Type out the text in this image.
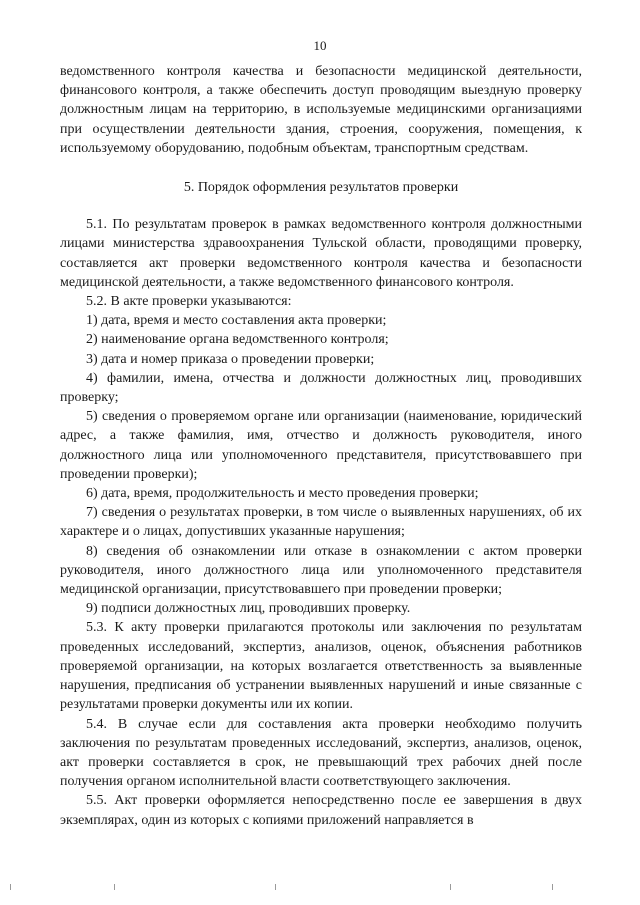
10

ведомственного контроля качества и безопасности медицинской деятельности, финансового контроля, а также обеспечить доступ проводящим выездную проверку должностным лицам на территорию, в используемые медицинскими организациями при осуществлении деятельности здания, строения, сооружения, помещения, к используемому оборудованию, подобным объектам, транспортным средствам.

5. Порядок оформления результатов проверки

5.1. По результатам проверок в рамках ведомственного контроля должностными лицами министерства здравоохранения Тульской области, проводящими проверку, составляется акт проверки ведомственного контроля качества и безопасности медицинской деятельности, а также ведомственного финансового контроля.

5.2. В акте проверки указываются:

1) дата, время и место составления акта проверки;

2) наименование органа ведомственного контроля;

3) дата и номер приказа о проведении проверки;

4) фамилии, имена, отчества и должности должностных лиц, проводивших проверку;

5) сведения о проверяемом органе или организации (наименование, юридический адрес, а также фамилия, имя, отчество и должность руководителя, иного должностного лица или уполномоченного представителя, присутствовавшего при проведении проверки);

6) дата, время, продолжительность и место проведения проверки;

7) сведения о результатах проверки, в том числе о выявленных нарушениях, об их характере и о лицах, допустивших указанные нарушения;

8) сведения об ознакомлении или отказе в ознакомлении с актом проверки руководителя, иного должностного лица или уполномоченного представителя медицинской организации, присутствовавшего при проведении проверки;

9) подписи должностных лиц, проводивших проверку.

5.3. К акту проверки прилагаются протоколы или заключения по результатам проведенных исследований, экспертиз, анализов, оценок, объяснения работников проверяемой организации, на которых возлагается ответственность за выявленные нарушения, предписания об устранении выявленных нарушений и иные связанные с результатами проверки документы или их копии.

5.4. В случае если для составления акта проверки необходимо получить заключения по результатам проведенных исследований, экспертиз, анализов, оценок, акт проверки составляется в срок, не превышающий трех рабочих дней после получения органом исполнительной власти соответствующего заключения.

5.5. Акт проверки оформляется непосредственно после ее завершения в двух экземплярах, один из которых с копиями приложений направляется в
